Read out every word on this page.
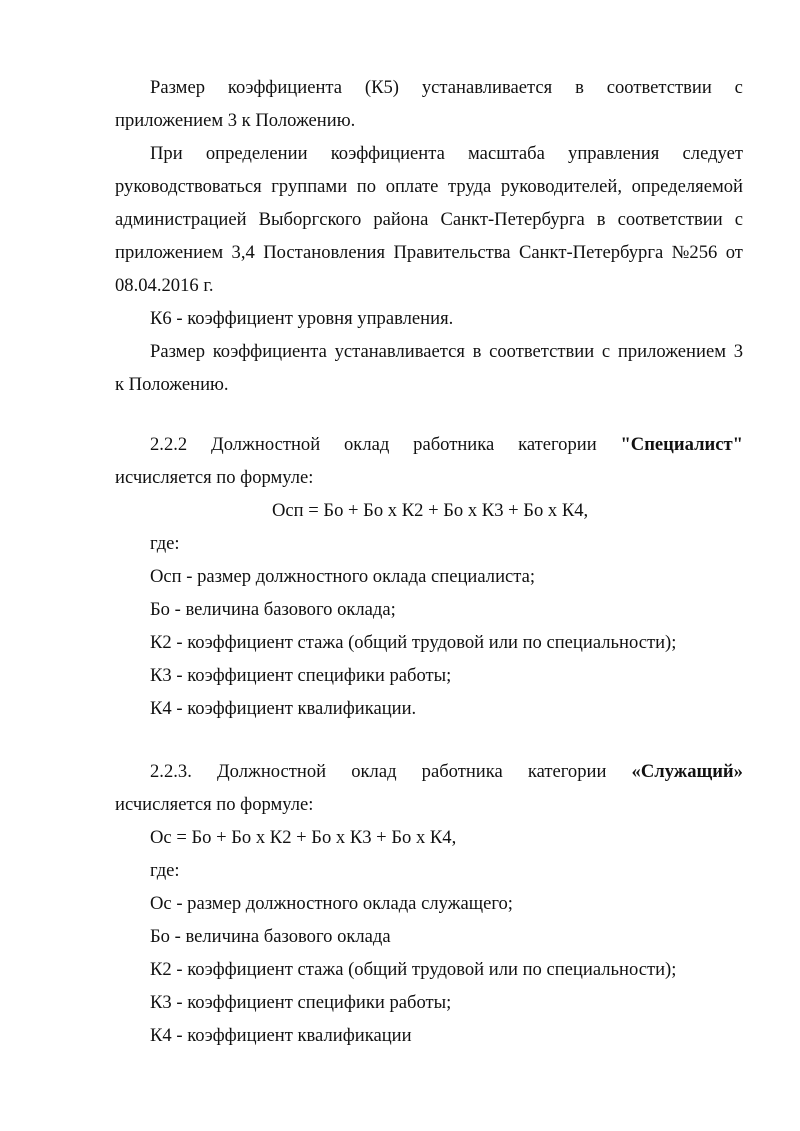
Размер коэффициента (К5) устанавливается в соответствии с
приложением 3 к Положению.
При определении коэффициента масштаба управления следует
руководствоваться группами по оплате труда руководителей, определяемой
администрацией Выборгского района Санкт-Петербурга в соответствии с
приложением 3,4 Постановления Правительства Санкт-Петербурга №256 от
08.04.2016 г.
К6 - коэффициент уровня управления.
Размер коэффициента устанавливается в соответствии с приложением 3
к Положению.
2.2.2 Должностной оклад работника категории "Специалист"
исчисляется по формуле:
Осп = Бо + Бо х К2 + Бо х К3 + Бо х К4,
где:
Осп - размер должностного оклада специалиста;
Бо - величина базового оклада;
К2 - коэффициент стажа (общий трудовой или по специальности);
К3 - коэффициент специфики работы;
К4 - коэффициент квалификации.
2.2.3. Должностной оклад работника категории «Служащий»
исчисляется по формуле:
Ос = Бо + Бо х К2 + Бо х К3 + Бо х К4,
где:
Ос - размер должностного оклада служащего;
Бо - величина базового оклада
К2 - коэффициент стажа (общий трудовой или по специальности);
К3 - коэффициент специфики работы;
К4 - коэффициент квалификации
